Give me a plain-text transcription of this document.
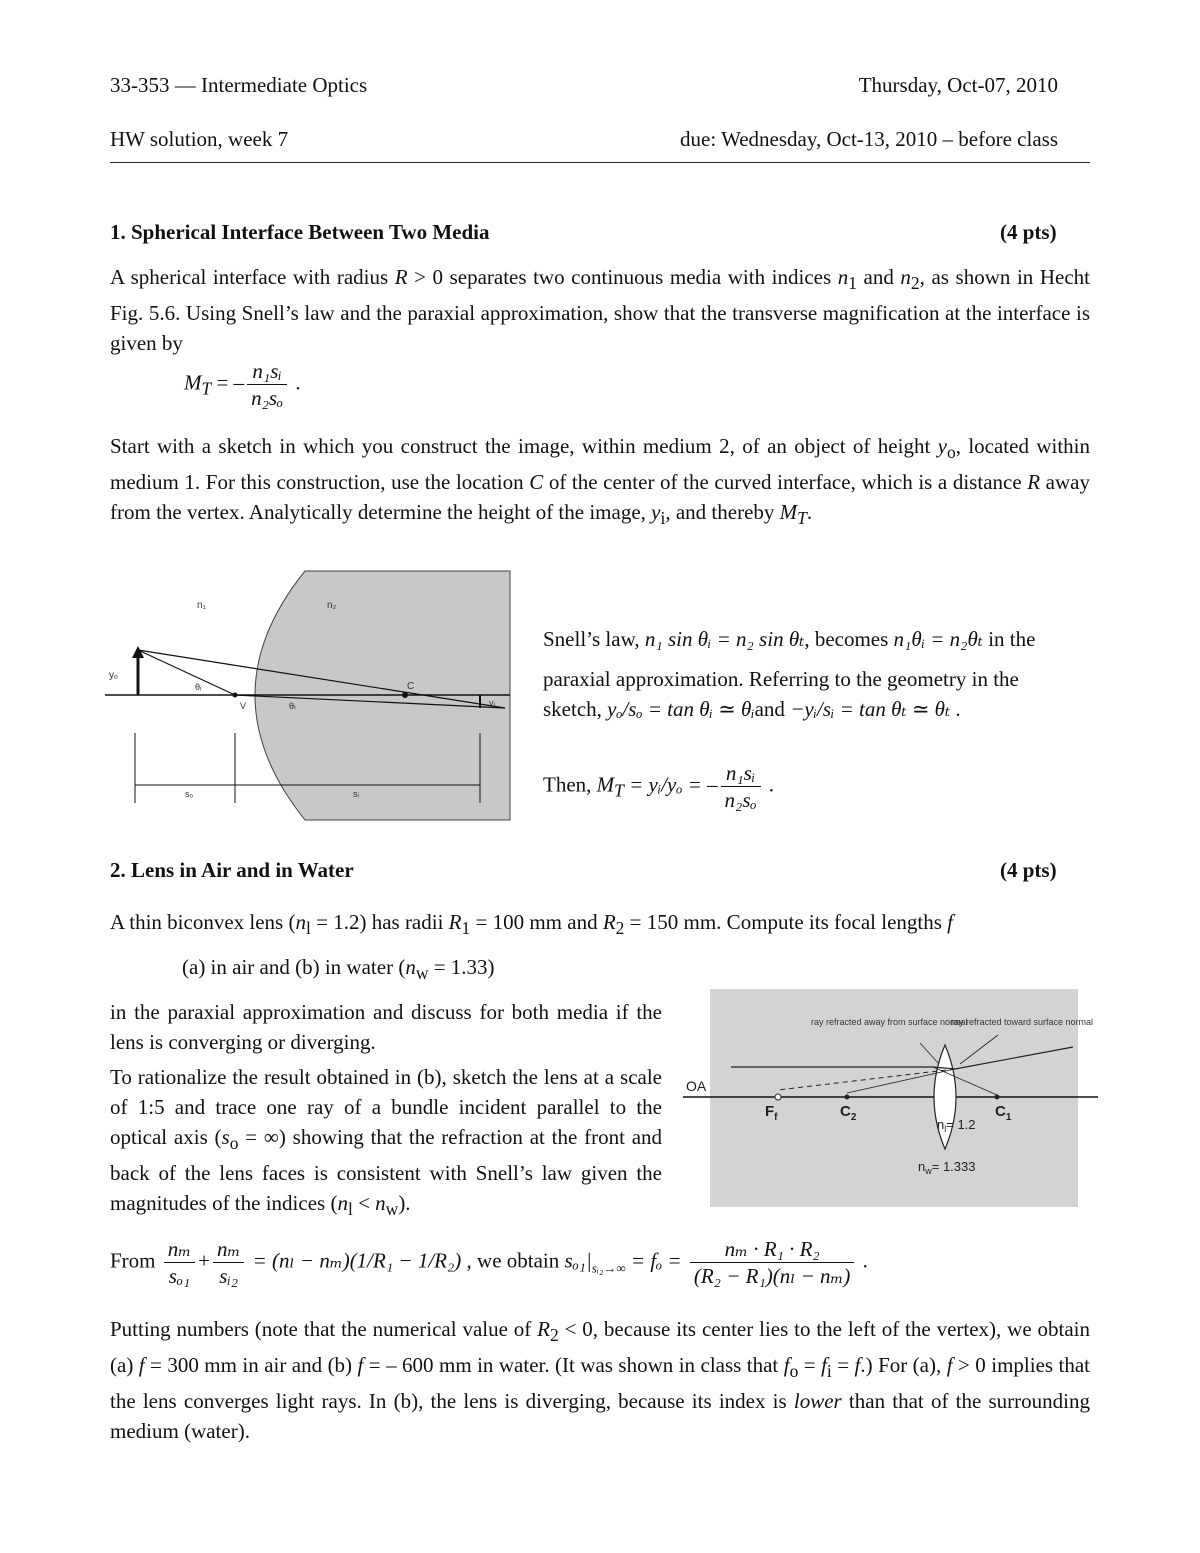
33-353 — Intermediate Optics	Thursday, Oct-07, 2010
HW solution, week 7	due: Wednesday, Oct-13, 2010 – before class
1. Spherical Interface Between Two Media	(4 pts)
A spherical interface with radius R > 0 separates two continuous media with indices $n_1$ and $n_2$, as shown in Hecht Fig. 5.6. Using Snell’s law and the paraxial approximation, show that the transverse magnification at the interface is given by
$M_T$ = – $\frac{\text{n₁sᵢ}}{\text{n₂sₒ}}$ .
Start with a sketch in which you construct the image, within medium 2, of an object of height $y_o$, located within medium 1. For this construction, use the location C of the center of the curved interface, which is a distance R away from the vertex. Analytically determine the height of the image, $y_i$, and thereby $M_T$.
n₁	n₂
yₒ
θᵢ
θₜ
V
C
yᵢ
sₒ	sᵢ
Snell’s law, n₁ sin θᵢ = n₂ sin θₜ, becomes n₁θᵢ = n₂θₜ in the
paraxial approximation. Referring to the geometry in the
sketch, yₒ/sₒ = tan θᵢ ≃ θᵢand −yᵢ/sᵢ = tan θₜ ≃ θₜ .
Then, $M_T$ = yᵢ/yₒ = – $\frac{\text{n₁sᵢ}}{\text{n₂sₒ}}$ .
2. Lens in Air and in Water	(4 pts)
A thin biconvex lens $(n_l = 1.2)$ has radii $R_1 = 100$ mm and $R_2 = 150$ mm. Compute its focal lengths f
(a) in air and (b) in water $(n_w = 1.33)$
in the paraxial approximation and discuss for both media if the lens is converging or diverging.
To rationalize the result obtained in (b), sketch the lens at a scale of 1:5 and trace one ray of a bundle incident parallel to the optical axis ($s_o$ = ∞) showing that the refraction at the front and back of the lens faces is consistent with Snell’s law given the magnitudes of the indices $(n_l < n_w)$.
ray refracted away from surface normal
ray refracted toward surface normal
OA
$F_f$	$C_2$	$C_1$
$n_l= 1.2$
$n_w= 1.333$
From $\frac{\text{nₘ}}{\text{sₒ₁}} + \frac{\text{nₘ}}{\text{sᵢ₂}} = (n_l - n_m)(1/R_1 - 1/R_2)$ , we obtain $s_{o1}|_{sᵢ_2\to\infty} = f_o = \frac{\text{nₘ · R₁ · R₂}}{\text{(R₂ − R₁)(nₗ − nₘ)}}$ .
Putting numbers (note that the numerical value of $R_2 < 0$, because its center lies to the left of the vertex), we obtain (a) f = 300 mm in air and (b) f = – 600 mm in water. (It was shown in class that $f_o = f_i = f$.) For (a), f > 0 implies that the lens converges light rays. In (b), the lens is diverging, because its index is lower than that of the surrounding medium (water).
